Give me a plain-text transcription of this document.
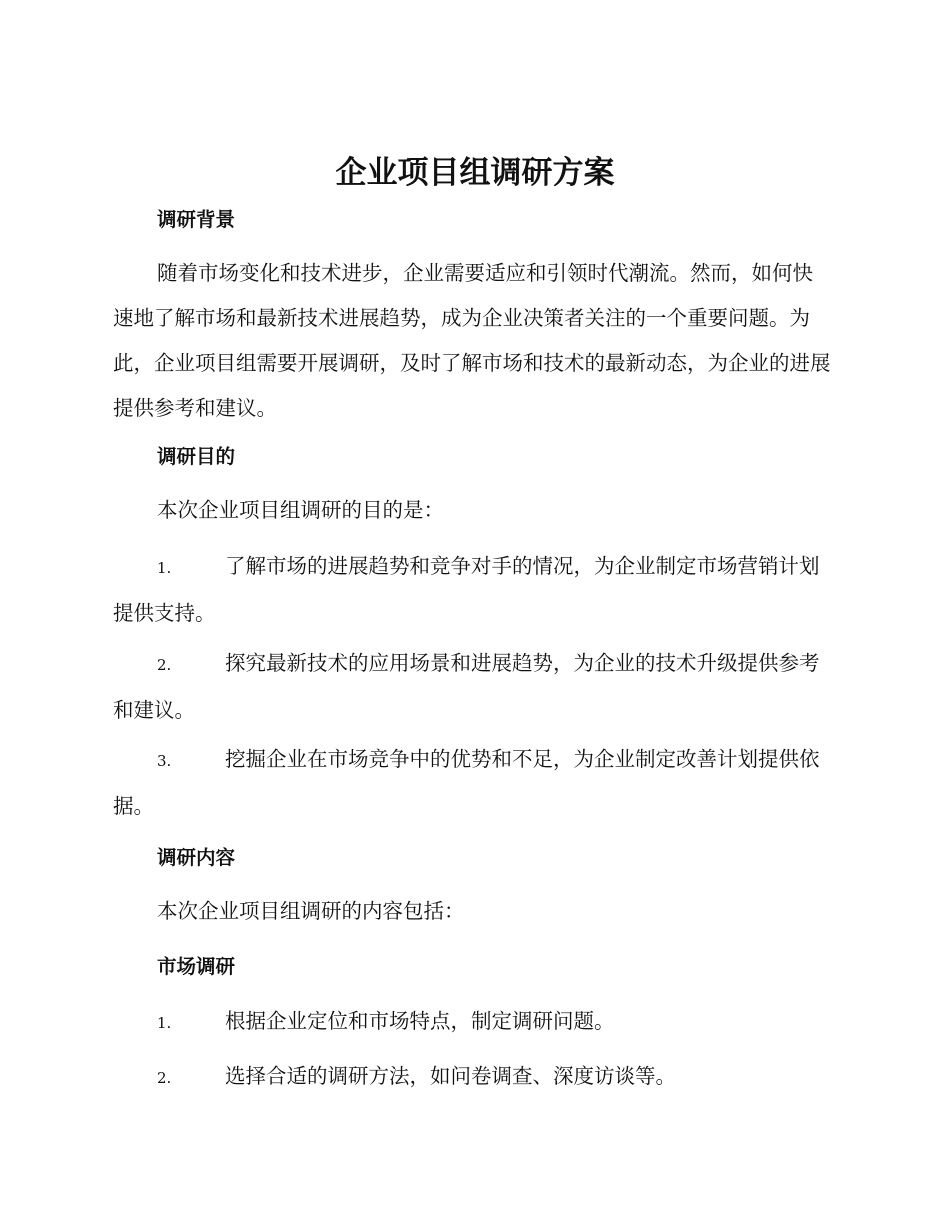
企业项目组调研方案
调研背景

随着市场变化和技术进步，企业需要适应和引领时代潮流。然而，如何快速地了解市场和最新技术进展趋势，成为企业决策者关注的一个重要问题。为此，企业项目组需要开展调研，及时了解市场和技术的最新动态，为企业的进展提供参考和建议。

调研目的

本次企业项目组调研的目的是：

1.	了解市场的进展趋势和竞争对手的情况，为企业制定市场营销计划提供支持。

2.	探究最新技术的应用场景和进展趋势，为企业的技术升级提供参考和建议。

3.	挖掘企业在市场竞争中的优势和不足，为企业制定改善计划提供依据。

调研内容

本次企业项目组调研的内容包括：

市场调研

1.	根据企业定位和市场特点，制定调研问题。

2.	选择合适的调研方法，如问卷调查、深度访谈等。
